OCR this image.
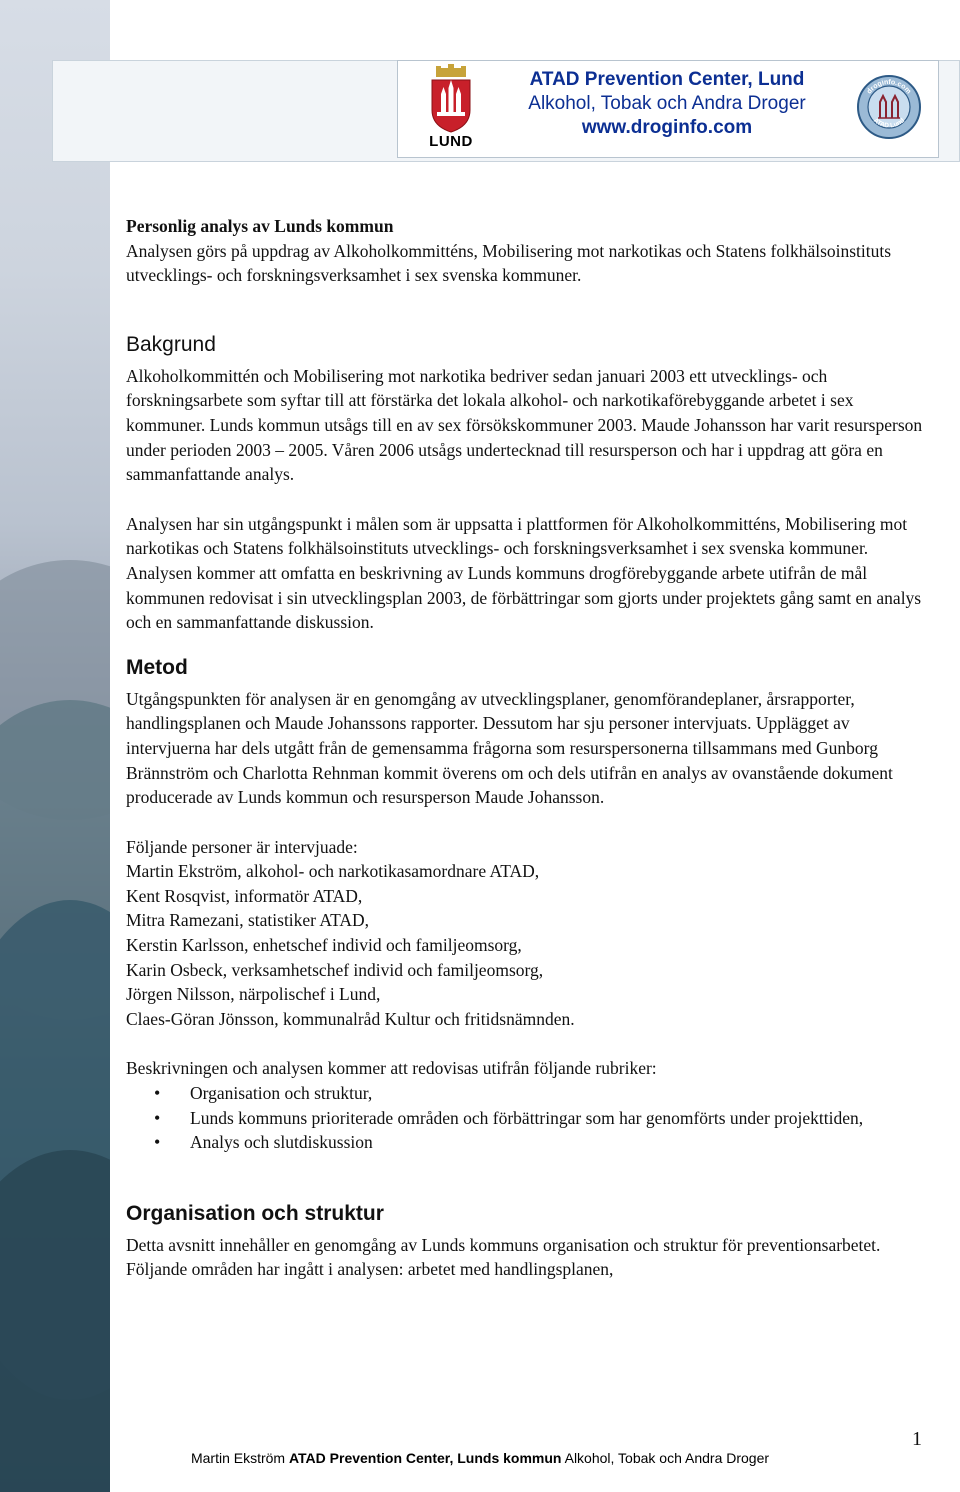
LUND
ATAD Prevention Center, Lund
Alkohol, Tobak och Andra Droger
www.droginfo.com
droginfo.com
ATAD Lund

Personlig analys av Lunds kommun

Analysen görs på uppdrag av Alkoholkommitténs, Mobilisering mot narkotikas och Statens folkhälsoinstituts utvecklings- och forskningsverksamhet i sex svenska kommuner.

Bakgrund

Alkoholkommittén och Mobilisering mot narkotika bedriver sedan januari 2003 ett utvecklings- och forskningsarbete som syftar till att förstärka det lokala alkohol- och narkotikaförebyggande arbetet i sex kommuner. Lunds kommun utsågs till en av sex försökskommuner 2003. Maude Johansson har varit resursperson under perioden 2003 – 2005. Våren 2006 utsågs undertecknad till resursperson och har i uppdrag att göra en sammanfattande analys.

Analysen har sin utgångspunkt i målen som är uppsatta i plattformen för Alkoholkommitténs, Mobilisering mot narkotikas och Statens folkhälsoinstituts utvecklings- och forskningsverksamhet i sex svenska kommuner. Analysen kommer att omfatta en beskrivning av Lunds kommuns drogförebyggande arbete utifrån de mål kommunen redovisat i sin utvecklingsplan 2003, de förbättringar som gjorts under projektets gång samt en analys och en sammanfattande diskussion.

Metod

Utgångspunkten för analysen är en genomgång av utvecklingsplaner, genomförandeplaner, årsrapporter, handlingsplanen och Maude Johanssons rapporter. Dessutom har sju personer intervjuats. Upplägget av intervjuerna har dels utgått från de gemensamma frågorna som resurspersonerna tillsammans med Gunborg Brännström och Charlotta Rehnman kommit överens om och dels utifrån en analys av ovanstående dokument producerade av Lunds kommun och resursperson Maude Johansson.

Följande personer är intervjuade:

Martin Ekström, alkohol- och narkotikasamordnare ATAD,

Kent Rosqvist, informatör ATAD,

Mitra Ramezani, statistiker ATAD,

Kerstin Karlsson, enhetschef individ och familjeomsorg,

Karin Osbeck, verksamhetschef individ och familjeomsorg,

Jörgen Nilsson, närpolischef i Lund,

Claes-Göran Jönsson, kommunalråd Kultur och fritidsnämnden.

Beskrivningen och analysen kommer att redovisas utifrån följande rubriker:

• Organisation och struktur,
• Lunds kommuns prioriterade områden och förbättringar som har genomförts under projekttiden,
• Analys och slutdiskussion
Organisation och struktur

Detta avsnitt innehåller en genomgång av Lunds kommuns organisation och struktur för preventionsarbetet. Följande områden har ingått i analysen: arbetet med handlingsplanen,

1
Martin Ekström ATAD Prevention Center, Lunds kommun Alkohol, Tobak och Andra Droger
